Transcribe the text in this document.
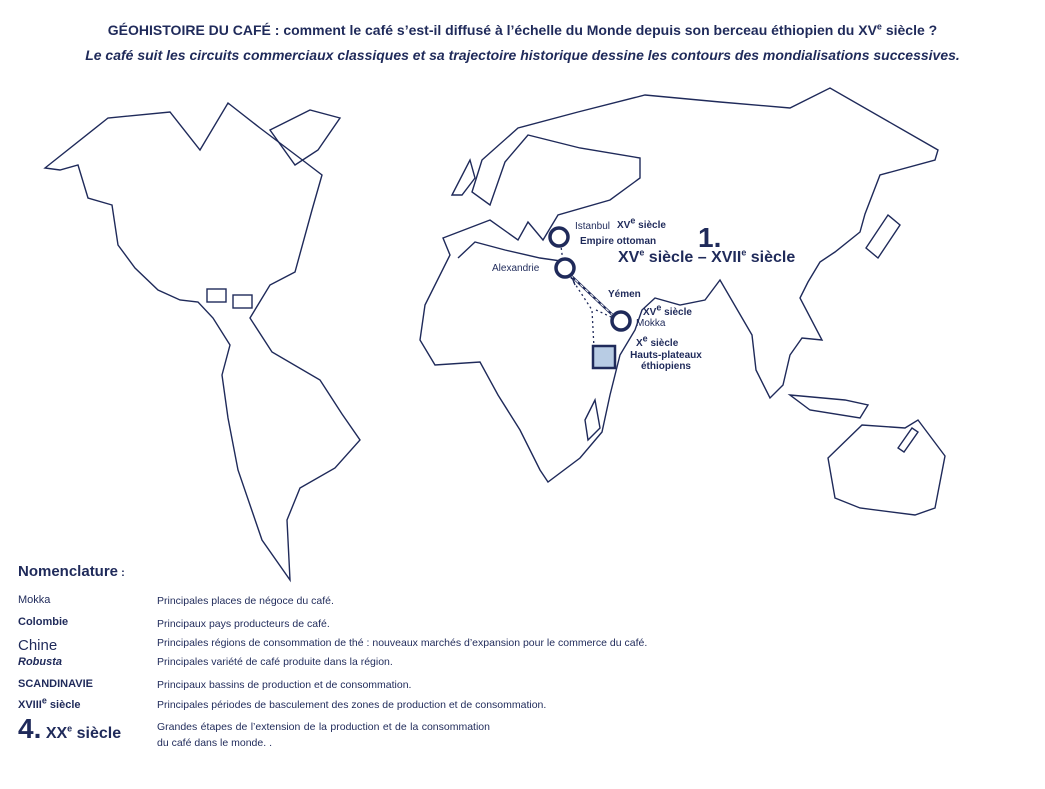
GÉOHISTOIRE DU CAFÉ : comment le café s’est-il diffusé à l’échelle du Monde depuis son berceau éthiopien du XVe siècle ?
Le café suit les circuits commerciaux classiques et sa trajectoire historique dessine les contours des mondialisations successives.
Istanbul XVe siècle
Empire ottoman
Alexandrie
Yémen
XVe siècle
Mokka
Xe siècle
Hauts-plateaux
éthiopiens
1.
XVe siècle – XVIIe siècle
Nomenclature :
Mokka	Principales places de négoce du café.
Colombie	Principaux pays producteurs de café.
Chine	Principales régions de consommation de thé : nouveaux marchés d’expansion pour le commerce du café.
Robusta	Principales variété de café produite dans la région.
SCANDINAVIE	Principaux bassins de production et de consommation.
XVIIIe siècle	Principales périodes de basculement des zones de production et de consommation.
4. XXe siècle	Grandes étapes de l’extension de la production et de la consommation du café dans le monde. .
